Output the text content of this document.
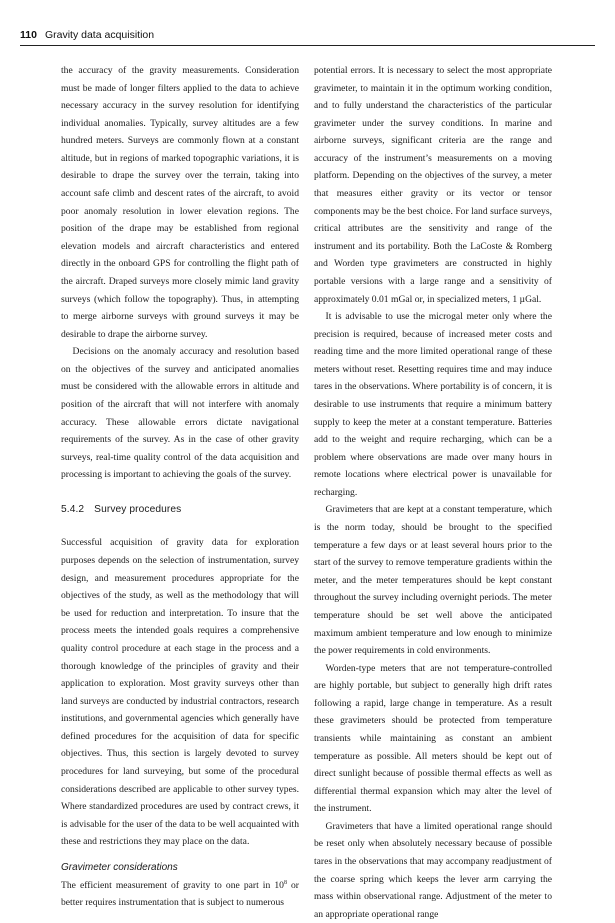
110 Gravity data acquisition

the accuracy of the gravity measurements. Consideration must be made of longer filters applied to the data to achieve necessary accuracy in the survey resolution for identifying individual anomalies. Typically, survey altitudes are a few hundred meters. Surveys are commonly flown at a constant altitude, but in regions of marked topographic variations, it is desirable to drape the survey over the terrain, taking into account safe climb and descent rates of the aircraft, to avoid poor anomaly resolution in lower elevation regions. The position of the drape may be established from regional elevation models and aircraft characteristics and entered directly in the onboard GPS for controlling the flight path of the aircraft. Draped surveys more closely mimic land gravity surveys (which follow the topography). Thus, in attempting to merge airborne surveys with ground surveys it may be desirable to drape the airborne survey.

Decisions on the anomaly accuracy and resolution based on the objectives of the survey and anticipated anomalies must be considered with the allowable errors in altitude and position of the aircraft that will not interfere with anomaly accuracy. These allowable errors dictate navigational requirements of the survey. As in the case of other gravity surveys, real-time quality control of the data acquisition and processing is important to achieving the goals of the survey.

5.4.2 Survey procedures

Successful acquisition of gravity data for exploration purposes depends on the selection of instrumentation, survey design, and measurement procedures appropriate for the objectives of the study, as well as the methodology that will be used for reduction and interpretation. To insure that the process meets the intended goals requires a comprehensive quality control procedure at each stage in the process and a thorough knowledge of the principles of gravity and their application to exploration. Most gravity surveys other than land surveys are conducted by industrial contractors, research institutions, and governmental agencies which generally have defined procedures for the acquisition of data for specific objectives. Thus, this section is largely devoted to survey procedures for land surveying, but some of the procedural considerations described are applicable to other survey types. Where standardized procedures are used by contract crews, it is advisable for the user of the data to be well acquainted with these and restrictions they may place on the data.

Gravimeter considerations

The efficient measurement of gravity to one part in $10^8$ or better requires instrumentation that is subject to numerous

potential errors. It is necessary to select the most appropriate gravimeter, to maintain it in the optimum working condition, and to fully understand the characteristics of the particular gravimeter under the survey conditions. In marine and airborne surveys, significant criteria are the range and accuracy of the instrument’s measurements on a moving platform. Depending on the objectives of the survey, a meter that measures either gravity or its vector or tensor components may be the best choice. For land surface surveys, critical attributes are the sensitivity and range of the instrument and its portability. Both the LaCoste & Romberg and Worden type gravimeters are constructed in highly portable versions with a large range and a sensitivity of approximately 0.01 mGal or, in specialized meters, 1 µGal.

It is advisable to use the microgal meter only where the precision is required, because of increased meter costs and reading time and the more limited operational range of these meters without reset. Resetting requires time and may induce tares in the observations. Where portability is of concern, it is desirable to use instruments that require a minimum battery supply to keep the meter at a constant temperature. Batteries add to the weight and require recharging, which can be a problem where observations are made over many hours in remote locations where electrical power is unavailable for recharging.

Gravimeters that are kept at a constant temperature, which is the norm today, should be brought to the specified temperature a few days or at least several hours prior to the start of the survey to remove temperature gradients within the meter, and the meter temperatures should be kept constant throughout the survey including overnight periods. The meter temperature should be set well above the anticipated maximum ambient temperature and low enough to minimize the power requirements in cold environments.

Worden-type meters that are not temperature-controlled are highly portable, but subject to generally high drift rates following a rapid, large change in temperature. As a result these gravimeters should be protected from temperature transients while maintaining as constant an ambient temperature as possible. All meters should be kept out of direct sunlight because of possible thermal effects as well as differential thermal expansion which may alter the level of the instrument.

Gravimeters that have a limited operational range should be reset only when absolutely necessary because of possible tares in the observations that may accompany readjustment of the coarse spring which keeps the lever arm carrying the mass within observational range. Adjustment of the meter to an appropriate operational range
